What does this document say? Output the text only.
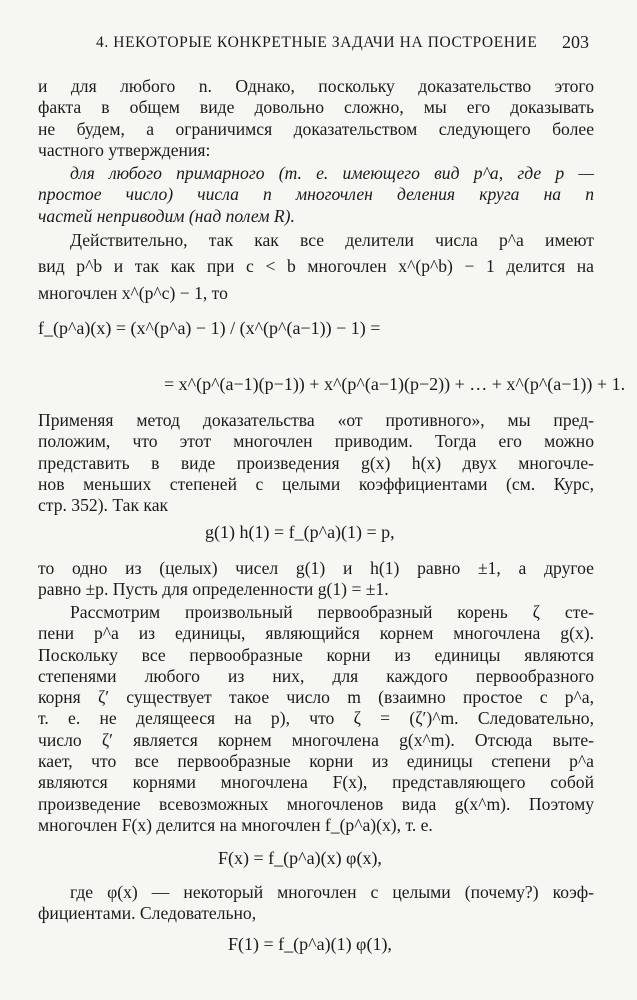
4. НЕКОТОРЫЕ КОНКРЕТНЫЕ ЗАДАЧИ НА ПОСТРОЕНИЕ 203
и для любого n. Однако, поскольку доказательство этого
факта в общем виде довольно сложно, мы его доказывать
не будем, а ограничимся доказательством следующего более
частного утверждения:
для любого примарного (т. е. имеющего вид p^a, где p —
простое число) числа n многочлен деления круга на n
частей неприводим (над полем R).
Действительно, так как все делители числа p^a имеют
вид p^b и так как при c < b многочлен x^(p^b) − 1 делится на
многочлен x^(p^c) − 1, то
f_(p^a)(x) = (x^(p^a) − 1) / (x^(p^(a−1)) − 1) =
= x^(p^(a−1)(p−1)) + x^(p^(a−1)(p−2)) + … + x^(p^(a−1)) + 1.
Применяя метод доказательства «от противного», мы пред-
положим, что этот многочлен приводим. Тогда его можно
представить в виде произведения g(x) h(x) двух многочле-
нов меньших степеней с целыми коэффициентами (см. Курс,
стр. 352). Так как
g(1) h(1) = f_(p^a)(1) = p,
то одно из (целых) чисел g(1) и h(1) равно ±1, а другое
равно ±p. Пусть для определенности g(1) = ±1.
Рассмотрим произвольный первообразный корень ζ сте-
пени p^a из единицы, являющийся корнем многочлена g(x).
Поскольку все первообразные корни из единицы являются
степенями любого из них, для каждого первообразного
корня ζ′ существует такое число m (взаимно простое с p^a,
т. е. не делящееся на p), что ζ = (ζ′)^m. Следовательно,
число ζ′ является корнем многочлена g(x^m). Отсюда выте-
кает, что все первообразные корни из единицы степени p^a
являются корнями многочлена F(x), представляющего собой
произведение всевозможных многочленов вида g(x^m). Поэтому
многочлен F(x) делится на многочлен f_(p^a)(x), т. е.
F(x) = f_(p^a)(x) φ(x),
где φ(x) — некоторый многочлен с целыми (почему?) коэф-
фициентами. Следовательно,
F(1) = f_(p^a)(1) φ(1),
